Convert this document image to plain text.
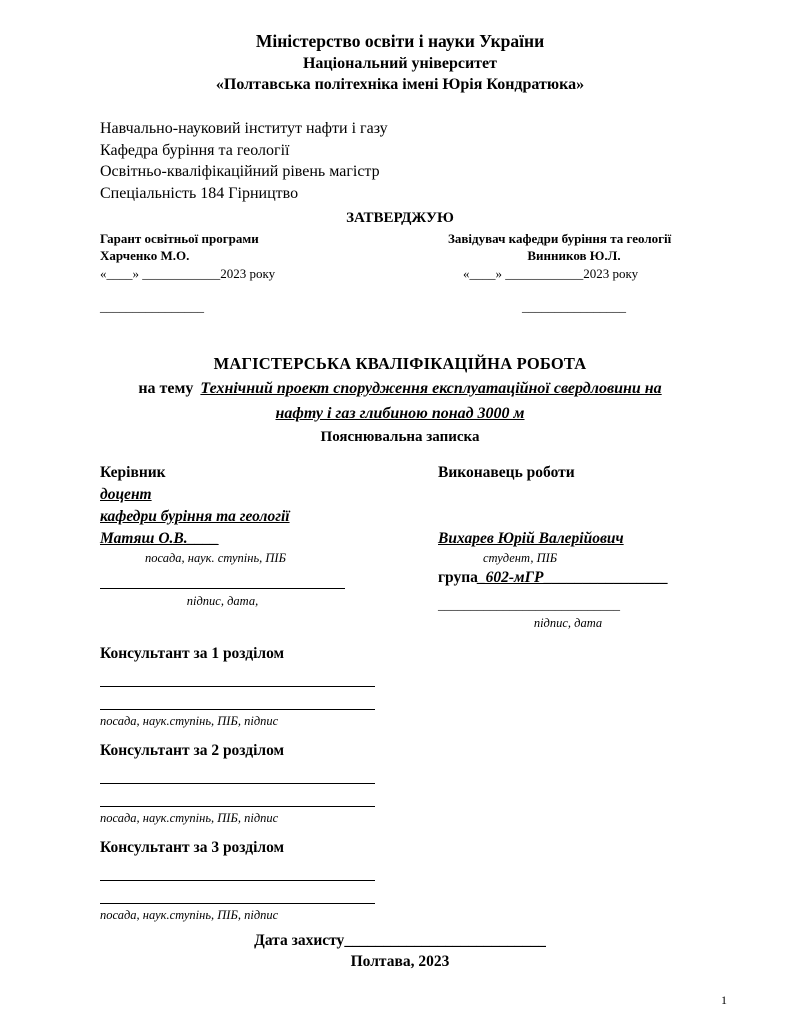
Міністерство освіти і науки України
Національний університет
«Полтавська політехніка імені Юрія Кондратюка»
Навчально-науковий інститут нафти і газу
Кафедра буріння та геології
Освітньо-кваліфікаційний рівень магістр
Спеціальність 184 Гірництво
ЗАТВЕРДЖУЮ
Гарант освітньої програми
Харченко М.О.
«____» ____________2023 року
________________
Завідувач кафедри буріння та геології
Винников Ю.Л.
«____» ____________2023 року
________________
МАГІСТЕРСЬКА КВАЛІФІКАЦІЙНА РОБОТА
на тему Технічний проект спорудження експлуатаційної свердловини на
нафту і газ глибиною понад 3000 м
Пояснювальна записка
Керівник
доцент
кафедри буріння та геології
Матяш О.В.____
посада, наук. ступінь, ПІБ
підпис, дата,
Виконавець роботи
Вихарев Юрій Валерійович
студент, ПІБ
група_602-мГР________________
____________________________
підпис, дата
Консультант за 1 розділом
посада, наук.ступінь, ПІБ, підпис
Консультант за 2 розділом
посада, наук.ступінь, ПІБ, підпис
Консультант за 3 розділом
посада, наук.ступінь, ПІБ, підпис
Дата захисту__________________________
Полтава, 2023
1
